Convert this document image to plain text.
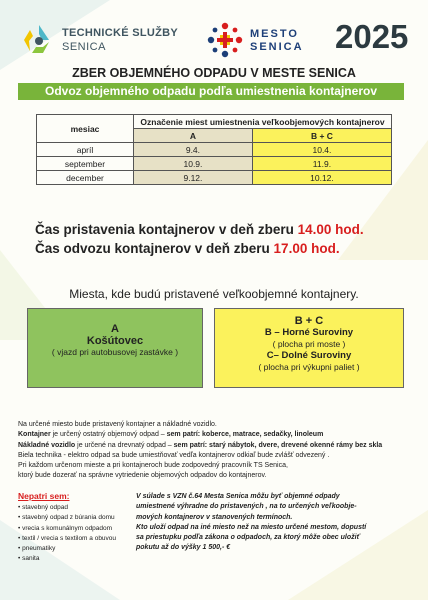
TECHNICKÉ SLUŽBY
SENICA
MESTO
SENICA 2025
ZBER OBJEMNÉHO ODPADU V MESTE SENICA
Odvoz objemného odpadu podľa umiestnenia kontajnerov
mesiac	Označenie miest umiestnenia veľkoobjemových kontajnerov	
	A	B + C
apríl	9.4.	10.4.
september	10.9.	11.9.
december	9.12.	10.12.
Čas pristavenia kontajnerov v deň zberu 14.00 hod.
Čas odvozu kontajnerov v deň zberu 17.00 hod.
Miesta, kde budú pristavené veľkoobjemné kontajnery.
A
Košútovec
( vjazd pri autobusovej zastávke )
B + C
B – Horné Suroviny
( plocha pri moste )
C– Dolné Suroviny
( plocha pri výkupni paliet )
Na určené miesto bude pristavený kontajner a nákladné vozidlo.
Kontajner je určený ostatný objemový odpad – sem patrí: koberce, matrace, sedačky, linoleum
Nákladné vozidlo je určené na drevnatý odpad – sem patrí: starý nábytok, dvere, drevené okenné rámy bez skla
Biela technika - elektro odpad sa bude umiestňovať vedľa kontajnerov odkiaľ bude zvlášť odvezený .
Pri každom určenom mieste a pri kontajneroch bude zodpovedný pracovník TS Senica,
ktorý bude dozerať na správne vytriedenie objemových odpadov do kontajnerov.
Nepatri sem:
• stavebný odpad
• stavebný odpad z búrania domu
• vrecia s komunálnym odpadom
• textil / vrecia s textilom a obuvou
• pneumatiky
• sanita
V súlade s VZN č.64 Mesta Senica môžu byť objemné odpady
umiestnené výhradne do pristavených , na to určených veľkoobje-
mových kontajnerov v stanovených termínoch.
Kto uloží odpad na iné miesto než na miesto určené mestom, dopustí
sa priestupku podľa zákona o odpadoch, za ktorý môže obec uložiť
pokutu až do výšky 1 500,- €
